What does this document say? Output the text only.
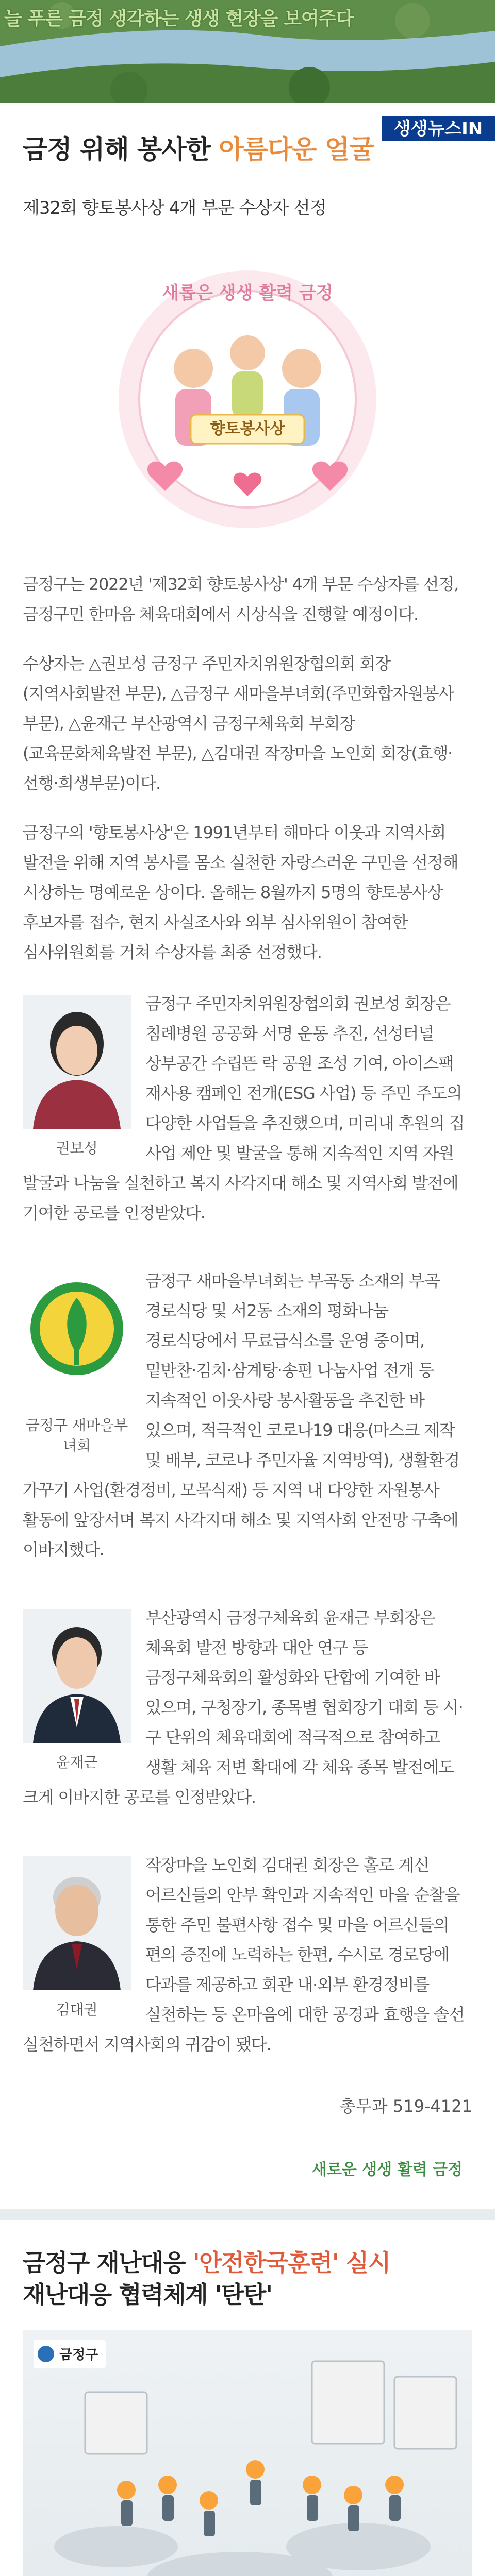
늘 푸른 금정 생각하는 생생 현장을 보여주다
생생뉴스IN
금정 위해 봉사한 아름다운 얼굴
제32회 향토봉사상 4개 부문 수상자 선정
새롭은 생생 활력 금정
향토봉사상

금정구는 2022년 '제32회 향토봉사상' 4개 부문 수상자를 선정, 금정구민 한마음 체육대회에서 시상식을 진행할 예정이다.

수상자는 △권보성 금정구 주민자치위원장협의회 회장(지역사회발전 부문), △금정구 새마을부녀회(주민화합자원봉사 부문), △윤재근 부산광역시 금정구체육회 부회장(교육문화체육발전 부문), △김대권 작장마을 노인회 회장(효행·선행·희생부문)이다.

금정구의 '향토봉사상'은 1991년부터 해마다 이웃과 지역사회 발전을 위해 지역 봉사를 몸소 실천한 자랑스러운 구민을 선정해 시상하는 명예로운 상이다. 올해는 8월까지 5명의 향토봉사상 후보자를 접수, 현지 사실조사와 외부 심사위원이 참여한 심사위원회를 거쳐 수상자를 최종 선정했다.

권보성

금정구 주민자치위원장협의회 권보성 회장은 침례병원 공공화 서명 운동 추진, 선성터널 상부공간 수립뜬 락 공원 조성 기여, 아이스팩 재사용 캠페인 전개(ESG 사업) 등 주민 주도의 다양한 사업들을 추진했으며, 미리내 후원의 집 사업 제안 및 발굴을 통해 지속적인 지역 자원 발굴과 나눔을 실천하고 복지 사각지대 해소 및 지역사회 발전에 기여한 공로를 인정받았다.

금정구 새마을부녀회

금정구 새마을부녀회는 부곡동 소재의 부곡 경로식당 및 서2동 소재의 평화나눔 경로식당에서 무료급식소를 운영 중이며, 밑반찬·김치·삼계탕·송편 나눔사업 전개 등 지속적인 이웃사랑 봉사활동을 추진한 바 있으며, 적극적인 코로나19 대응(마스크 제작 및 배부, 코로나 주민자율 지역방역), 생활환경 가꾸기 사업(환경정비, 모목식재) 등 지역 내 다양한 자원봉사 활동에 앞장서며 복지 사각지대 해소 및 지역사회 안전망 구축에 이바지했다.

윤재근

부산광역시 금정구체육회 윤재근 부회장은 체육회 발전 방향과 대안 연구 등 금정구체육회의 활성화와 단합에 기여한 바 있으며, 구청장기, 종목별 협회장기 대회 등 시·구 단위의 체육대회에 적극적으로 참여하고 생활 체육 저변 확대에 각 체육 종목 발전에도 크게 이바지한 공로를 인정받았다.

김대권

작장마을 노인회 김대권 회장은 홀로 계신 어르신들의 안부 확인과 지속적인 마을 순찰을 통한 주민 불편사항 접수 및 마을 어르신들의 편의 증진에 노력하는 한편, 수시로 경로당에 다과를 제공하고 회관 내·외부 환경정비를 실천하는 등 온마음에 대한 공경과 효행을 솔선 실천하면서 지역사회의 귀감이 됐다.

총무과 519-4121
새로운 생생 활력 금정
금정구 재난대응 '안전한국훈련' 실시
재난대응 협력체계 '탄탄'
금정구
